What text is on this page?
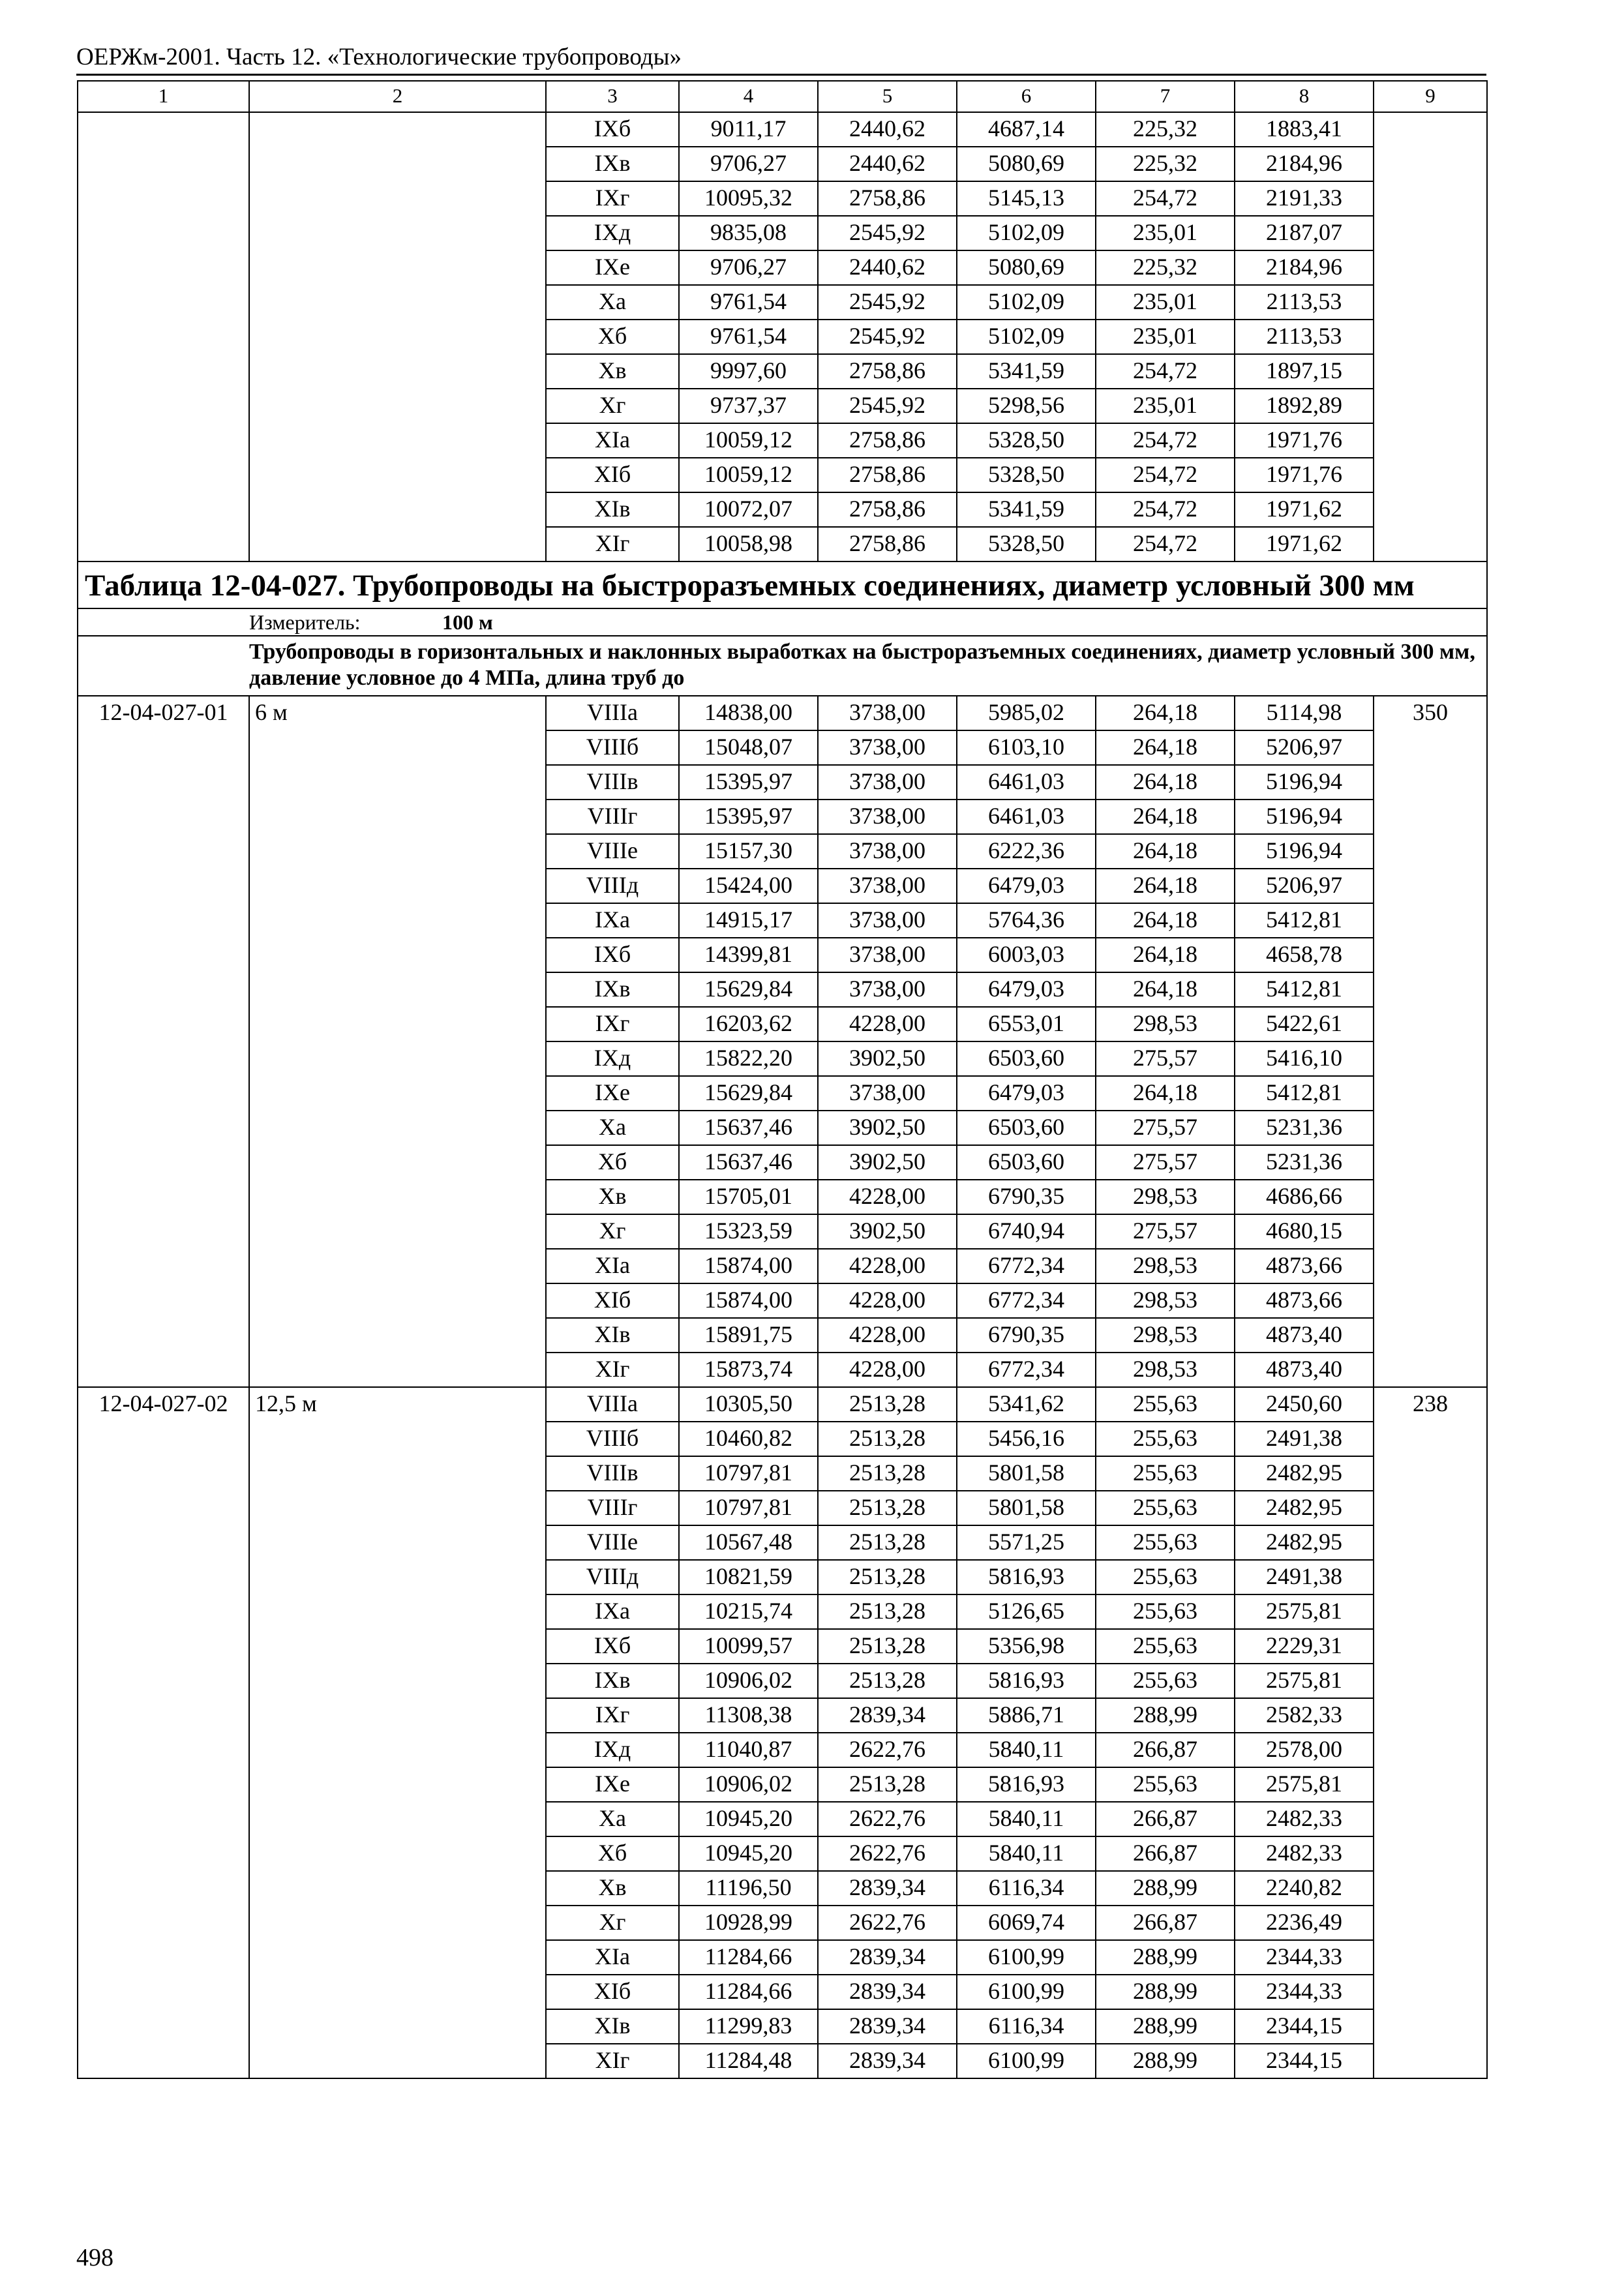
ОЕРЖм-2001. Часть 12. «Технологические трубопроводы»
1	2	3	4	5	6	7	8	9
		IXб	9011,17	2440,62	4687,14	225,32	1883,41	
		IXв	9706,27	2440,62	5080,69	225,32	2184,96	
		IXг	10095,32	2758,86	5145,13	254,72	2191,33	
		IXд	9835,08	2545,92	5102,09	235,01	2187,07	
		IXе	9706,27	2440,62	5080,69	225,32	2184,96	
		Xа	9761,54	2545,92	5102,09	235,01	2113,53	
		Xб	9761,54	2545,92	5102,09	235,01	2113,53	
		Xв	9997,60	2758,86	5341,59	254,72	1897,15	
		Xг	9737,37	2545,92	5298,56	235,01	1892,89	
		XIа	10059,12	2758,86	5328,50	254,72	1971,76	
		XIб	10059,12	2758,86	5328,50	254,72	1971,76	
		XIв	10072,07	2758,86	5341,59	254,72	1971,62	
		XIг	10058,98	2758,86	5328,50	254,72	1971,62	
Таблица 12-04-027. Трубопроводы на быстроразъемных соединениях, диаметр условный 300 мм								
	Измеритель: 100 м							
	Трубопроводы в горизонтальных и наклонных выработках на быстроразъемных соединениях, диаметр условный 300 мм, давление условное до 4 МПа, длина труб до							
12-04-027-01	6 м	VIIIа	14838,00	3738,00	5985,02	264,18	5114,98	350
		VIIIб	15048,07	3738,00	6103,10	264,18	5206,97	
		VIIIв	15395,97	3738,00	6461,03	264,18	5196,94	
		VIIIг	15395,97	3738,00	6461,03	264,18	5196,94	
		VIIIе	15157,30	3738,00	6222,36	264,18	5196,94	
		VIIIд	15424,00	3738,00	6479,03	264,18	5206,97	
		IXа	14915,17	3738,00	5764,36	264,18	5412,81	
		IXб	14399,81	3738,00	6003,03	264,18	4658,78	
		IXв	15629,84	3738,00	6479,03	264,18	5412,81	
		IXг	16203,62	4228,00	6553,01	298,53	5422,61	
		IXд	15822,20	3902,50	6503,60	275,57	5416,10	
		IXе	15629,84	3738,00	6479,03	264,18	5412,81	
		Xа	15637,46	3902,50	6503,60	275,57	5231,36	
		Xб	15637,46	3902,50	6503,60	275,57	5231,36	
		Xв	15705,01	4228,00	6790,35	298,53	4686,66	
		Xг	15323,59	3902,50	6740,94	275,57	4680,15	
		XIа	15874,00	4228,00	6772,34	298,53	4873,66	
		XIб	15874,00	4228,00	6772,34	298,53	4873,66	
		XIв	15891,75	4228,00	6790,35	298,53	4873,40	
		XIг	15873,74	4228,00	6772,34	298,53	4873,40	
12-04-027-02	12,5 м	VIIIа	10305,50	2513,28	5341,62	255,63	2450,60	238
		VIIIб	10460,82	2513,28	5456,16	255,63	2491,38	
		VIIIв	10797,81	2513,28	5801,58	255,63	2482,95	
		VIIIг	10797,81	2513,28	5801,58	255,63	2482,95	
		VIIIе	10567,48	2513,28	5571,25	255,63	2482,95	
		VIIIд	10821,59	2513,28	5816,93	255,63	2491,38	
		IXа	10215,74	2513,28	5126,65	255,63	2575,81	
		IXб	10099,57	2513,28	5356,98	255,63	2229,31	
		IXв	10906,02	2513,28	5816,93	255,63	2575,81	
		IXг	11308,38	2839,34	5886,71	288,99	2582,33	
		IXд	11040,87	2622,76	5840,11	266,87	2578,00	
		IXе	10906,02	2513,28	5816,93	255,63	2575,81	
		Xа	10945,20	2622,76	5840,11	266,87	2482,33	
		Xб	10945,20	2622,76	5840,11	266,87	2482,33	
		Xв	11196,50	2839,34	6116,34	288,99	2240,82	
		Xг	10928,99	2622,76	6069,74	266,87	2236,49	
		XIа	11284,66	2839,34	6100,99	288,99	2344,33	
		XIб	11284,66	2839,34	6100,99	288,99	2344,33	
		XIв	11299,83	2839,34	6116,34	288,99	2344,15	
		XIг	11284,48	2839,34	6100,99	288,99	2344,15	
498
